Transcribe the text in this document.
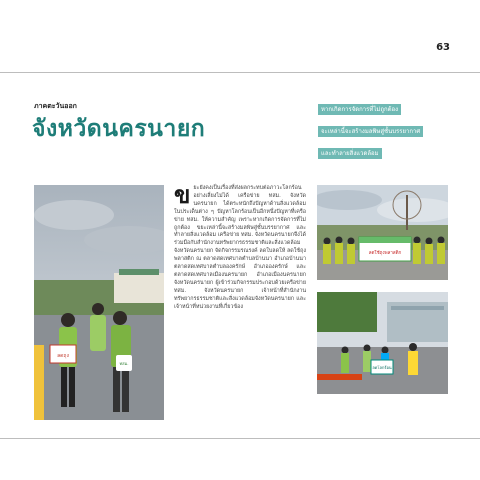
63
ภาคตะวันออก
จังหวัดนครนายก
หากเกิดการจัดการที่ไม่ถูกต้อง
จะเหล่านี้จะสร้างมลพิษสู่ชั้นบรรยากาศ
และทำลายสิ่งแวดล้อม
ลดถุง
ทสม.
ขยะยังคงเป็นเรื่องที่ส่งผลกระทบต่อภาวะโลกร้อนอย่างเลี่ยงไม่ได้ เครือข่าย ทสม. จังหวัดนครนายก ได้ตระหนักถึงปัญหาด้านสิ่งแวดล้อมในประเด็นต่าง ๆ ปัญหาโลกร้อนเป็นอีกหนึ่งปัญหาที่เครือข่าย ทสม. ให้ความสำคัญ เพราะหากเกิดการจัดการที่ไม่ถูกต้อง ขยะเหล่านี้จะสร้างมลพิษสู่ชั้นบรรยากาศ และทำลายสิ่งแวดล้อม เครือข่าย ทสม. จังหวัดนครนายกจึงได้ร่วมมือกับสำนักงานทรัพยากรธรรมชาติและสิ่งแวดล้อมจังหวัดนครนายก จัดกิจกรรมรณรงค์ ลดใบลดให้ ลดใช้ถุงพลาสติก ณ ตลาดสดเทศบาลตำบลบ้านนา อำเภอบ้านนา ตลาดสดเทศบาลตำบลองครักษ์ อำเภอองครักษ์ และ ตลาดสดเทศบาลเมืองนครนายก อำเภอเมืองนครนายก จังหวัดนครนายก ผู้เข้าร่วมกิจกรรมประกอบด้วยเครือข่าย ทสม. จังหวัดนครนายก เจ้าหน้าที่สำนักงานทรัพยากรธรรมชาติและสิ่งแวดล้อมจังหวัดนครนายก และเจ้าหน้าที่หน่วยงานที่เกี่ยวข้อง
ลดใช้ถุงพลาสติก
ลดโลกร้อน
